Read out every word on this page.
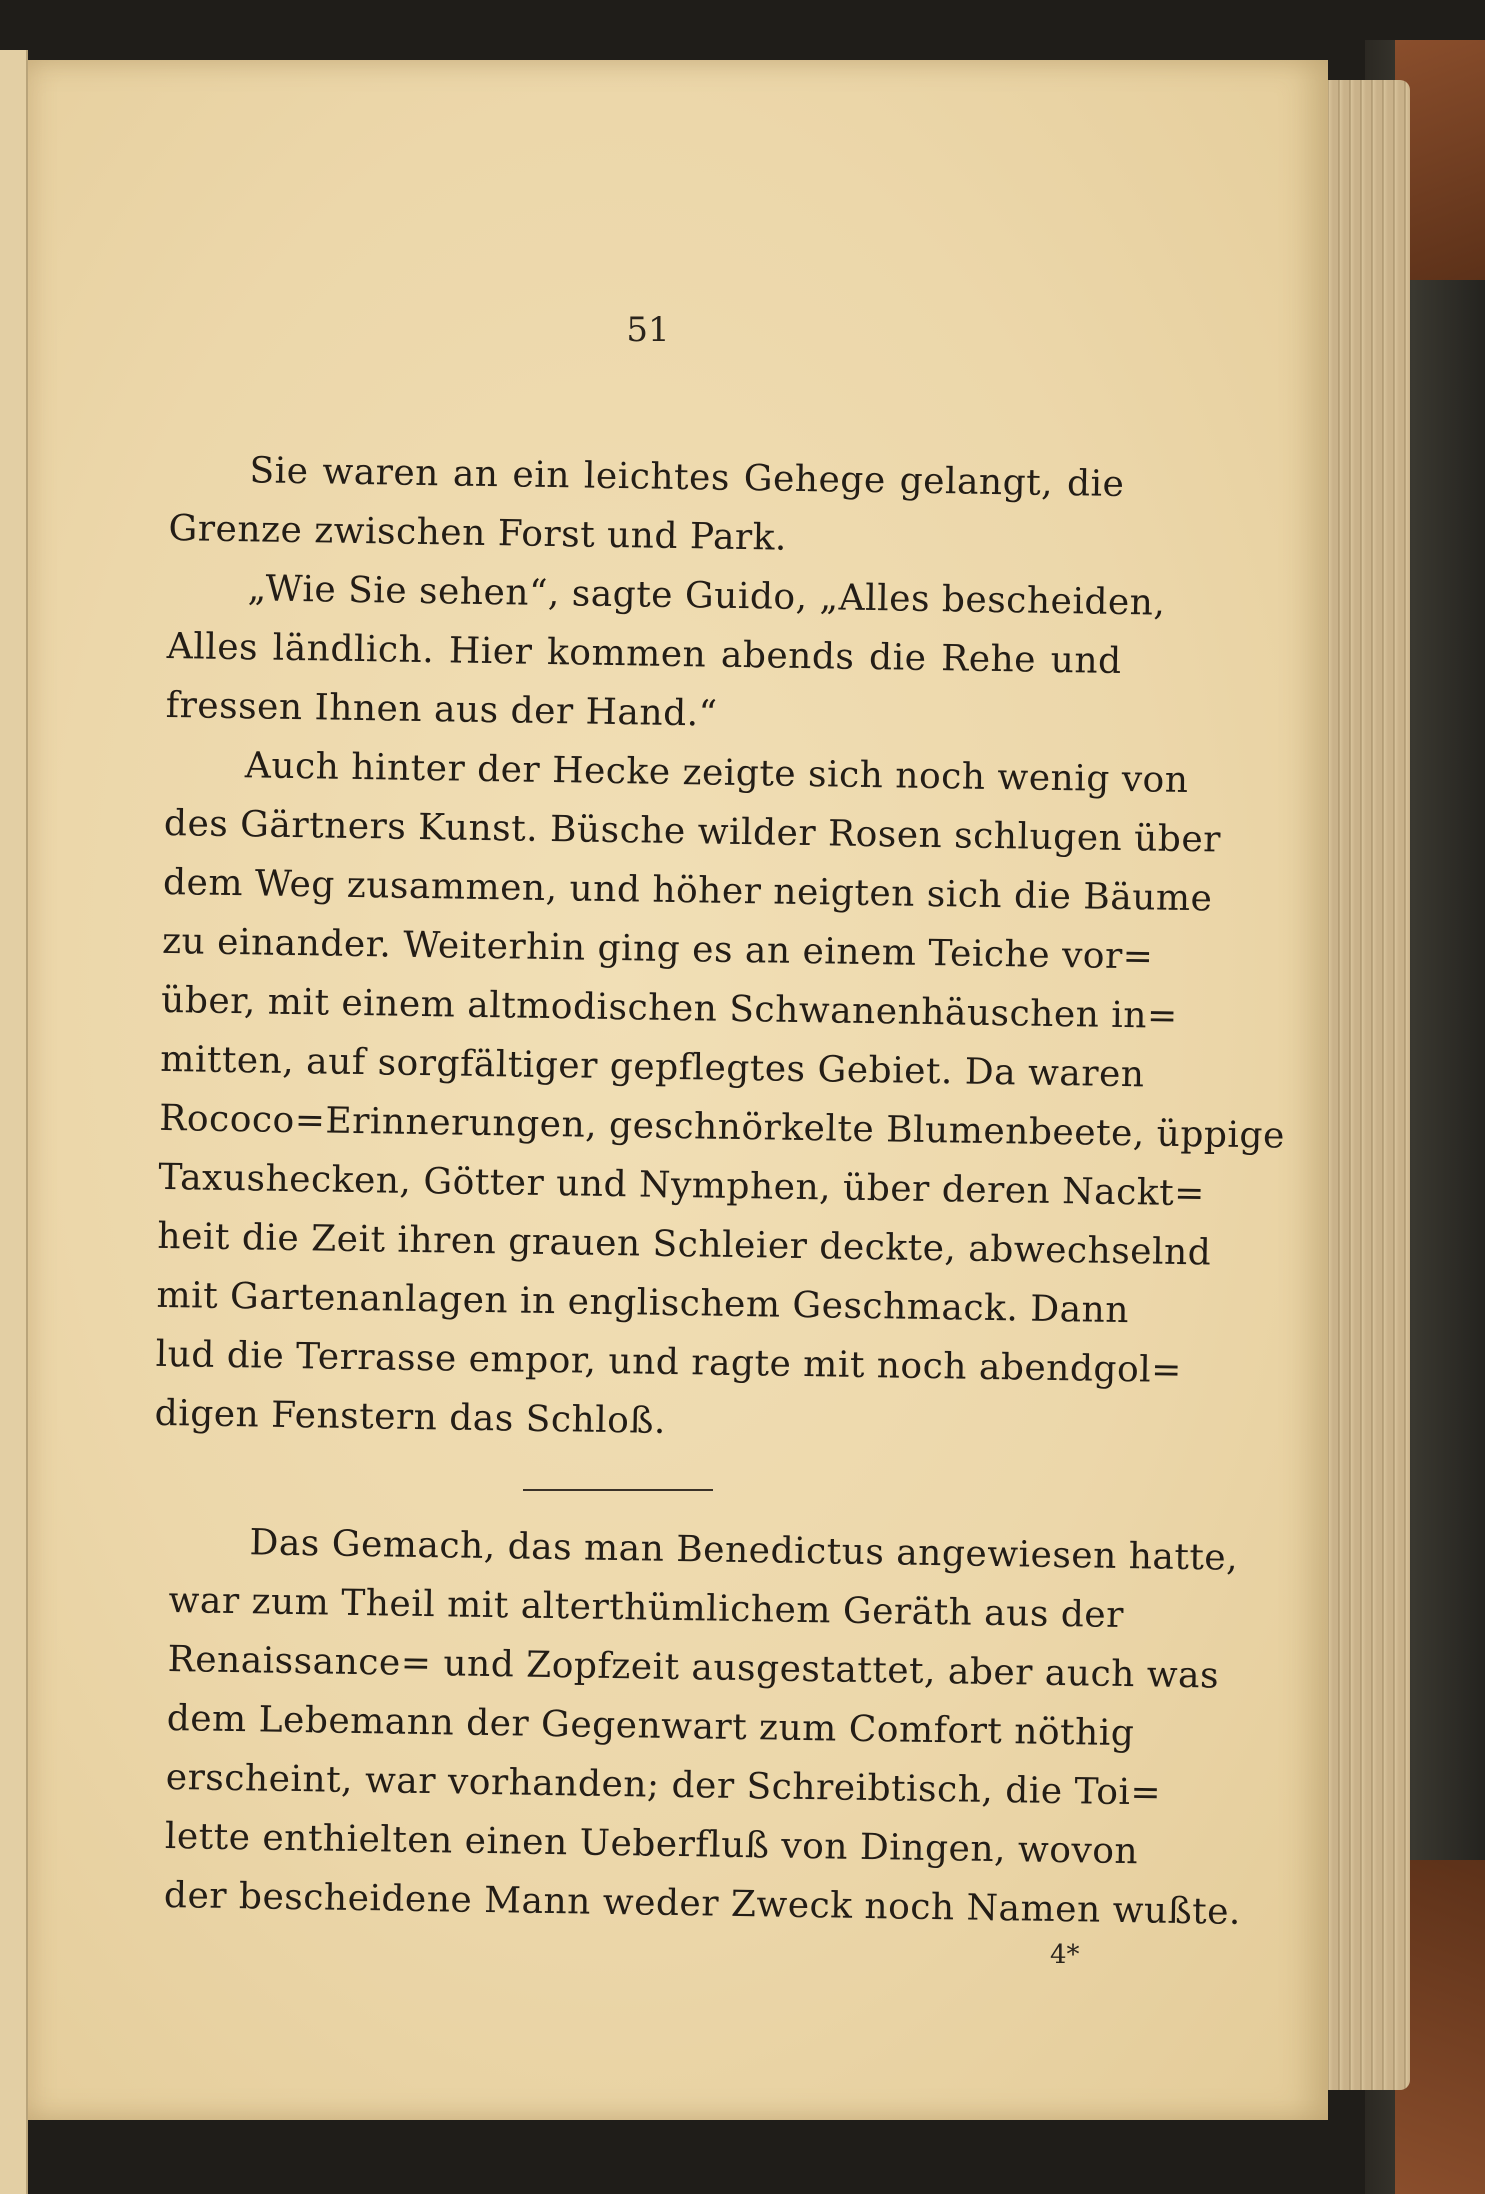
51
Sie waren an ein leichtes Gehege gelangt, die
Grenze zwischen Forst und Park.
„Wie Sie sehen“, sagte Guido, „Alles bescheiden,
Alles ländlich. Hier kommen abends die Rehe und
fressen Ihnen aus der Hand.“
Auch hinter der Hecke zeigte sich noch wenig von
des Gärtners Kunst. Büsche wilder Rosen schlugen über
dem Weg zusammen, und höher neigten sich die Bäume
zu einander. Weiterhin ging es an einem Teiche vor=
über, mit einem altmodischen Schwanenhäuschen in=
mitten, auf sorgfältiger gepflegtes Gebiet. Da waren
Rococo=Erinnerungen, geschnörkelte Blumenbeete, üppige
Taxushecken, Götter und Nymphen, über deren Nackt=
heit die Zeit ihren grauen Schleier deckte, abwechselnd
mit Gartenanlagen in englischem Geschmack. Dann
lud die Terrasse empor, und ragte mit noch abendgol=
digen Fenstern das Schloß.
Das Gemach, das man Benedictus angewiesen hatte,
war zum Theil mit alterthümlichem Geräth aus der
Renaissance= und Zopfzeit ausgestattet, aber auch was
dem Lebemann der Gegenwart zum Comfort nöthig
erscheint, war vorhanden; der Schreibtisch, die Toi=
lette enthielten einen Ueberfluß von Dingen, wovon
der bescheidene Mann weder Zweck noch Namen wußte.
4*
